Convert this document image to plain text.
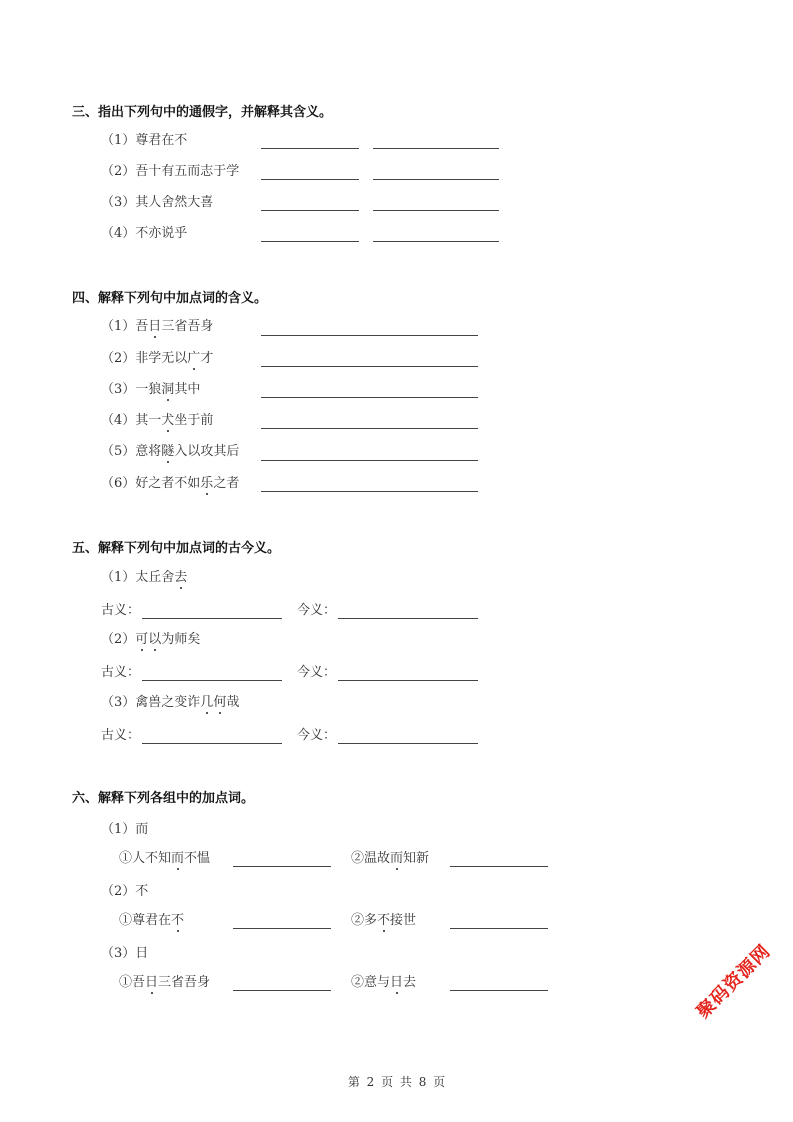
三、指出下列句中的通假字，并解释其含义。
（1）尊君在不
（2）吾十有五而志于学
（3）其人舍然大喜
（4）不亦说乎
四、解释下列句中加点词的含义。
（1）吾日三省吾身
（2）非学无以广才
（3）一狼洞其中
（4）其一犬坐于前
（5）意将隧入以攻其后
（6）好之者不如乐之者
五、解释下列句中加点词的古今义。
（1）太丘舍去
古义：	今义：
（2）可以为师矣
古义：	今义：
（3）禽兽之变诈几何哉
古义：	今义：
六、解释下列各组中的加点词。
（1）而
①人不知而不愠	②温故而知新
（2）不
①尊君在不	②多不接世
（3）日
①吾日三省吾身	②意与日去	聚码资源网
第 2 页 共 8 页
